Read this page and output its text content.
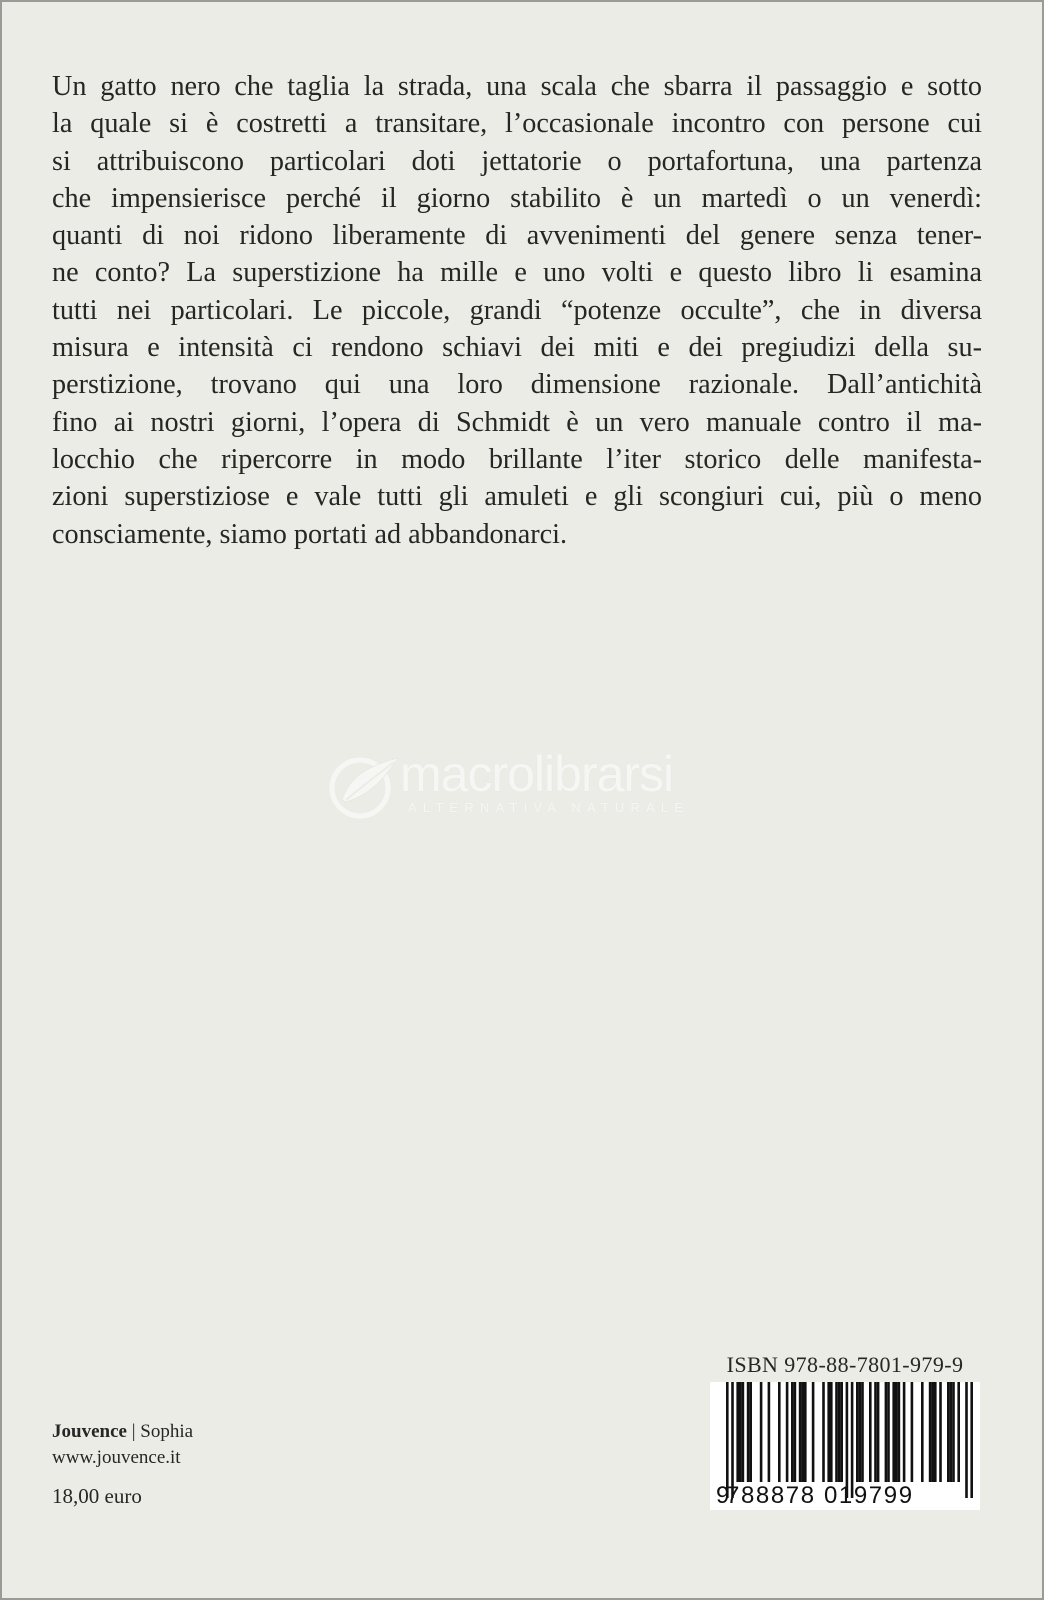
Un gatto nero che taglia la strada, una scala che sbarra il passaggio e sotto
la quale si è costretti a transitare, l’occasionale incontro con persone cui
si attribuiscono particolari doti jettatorie o portafortuna, una partenza
che impensierisce perché il giorno stabilito è un martedì o un venerdì:
quanti di noi ridono liberamente di avvenimenti del genere senza tener-
ne conto? La superstizione ha mille e uno volti e questo libro li esamina
tutti nei particolari. Le piccole, grandi “potenze occulte”, che in diversa
misura e intensità ci rendono schiavi dei miti e dei pregiudizi della su-
perstizione, trovano qui una loro dimensione razionale. Dall’antichità
fino ai nostri giorni, l’opera di Schmidt è un vero manuale contro il ma-
locchio che ripercorre in modo brillante l’iter storico delle manifesta-
zioni superstiziose e vale tutti gli amuleti e gli scongiuri cui, più o meno
consciamente, siamo portati ad abbandonarci.
macrolibrarsi
ALTERNATIVA NATURALE
Jouvence | Sophia
www.jouvence.it
18,00 euro
ISBN 978-88-7801-979-9
9
788878 019799
